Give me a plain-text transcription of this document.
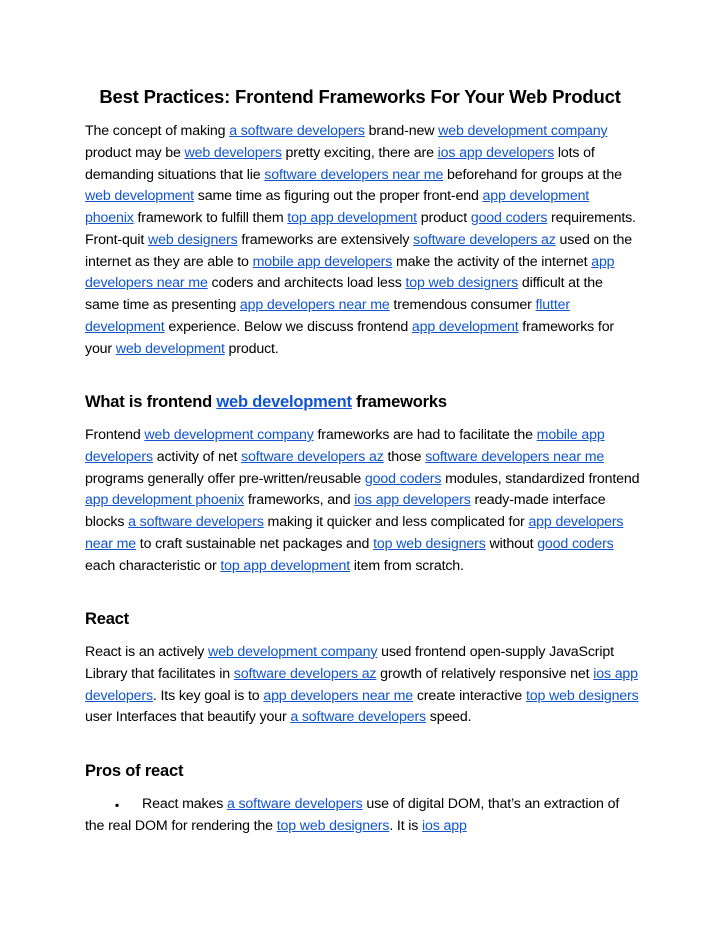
Best Practices: Frontend Frameworks For Your Web Product

The concept of making a software developers brand-new web development company product may be web developers pretty exciting, there are ios app developers lots of demanding situations that lie software developers near me beforehand for groups at the web development same time as figuring out the proper front-end app development phoenix framework to fulfill them top app development product good coders requirements. Front-quit web designers frameworks are extensively software developers az used on the internet as they are able to mobile app developers make the activity of the internet app developers near me coders and architects load less top web designers difficult at the same time as presenting app developers near me tremendous consumer flutter development experience. Below we discuss frontend app development frameworks for your web development product.

What is frontend web development frameworks

Frontend web development company frameworks are had to facilitate the mobile app developers activity of net software developers az those software developers near me programs generally offer pre-written/reusable good coders modules, standardized frontend app development phoenix frameworks, and ios app developers ready-made interface blocks a software developers making it quicker and less complicated for app developers near me to craft sustainable net packages and top web designers without good coders each characteristic or top app development item from scratch.

React

React is an actively web development company used frontend open-supply JavaScript Library that facilitates in software developers az growth of relatively responsive net ios app developers. Its key goal is to app developers near me create interactive top web designers user Interfaces that beautify your a software developers speed.

Pros of react
▪	React makes a software developers use of digital DOM, that’s an extraction of the real DOM for rendering the top web designers. It is ios app
